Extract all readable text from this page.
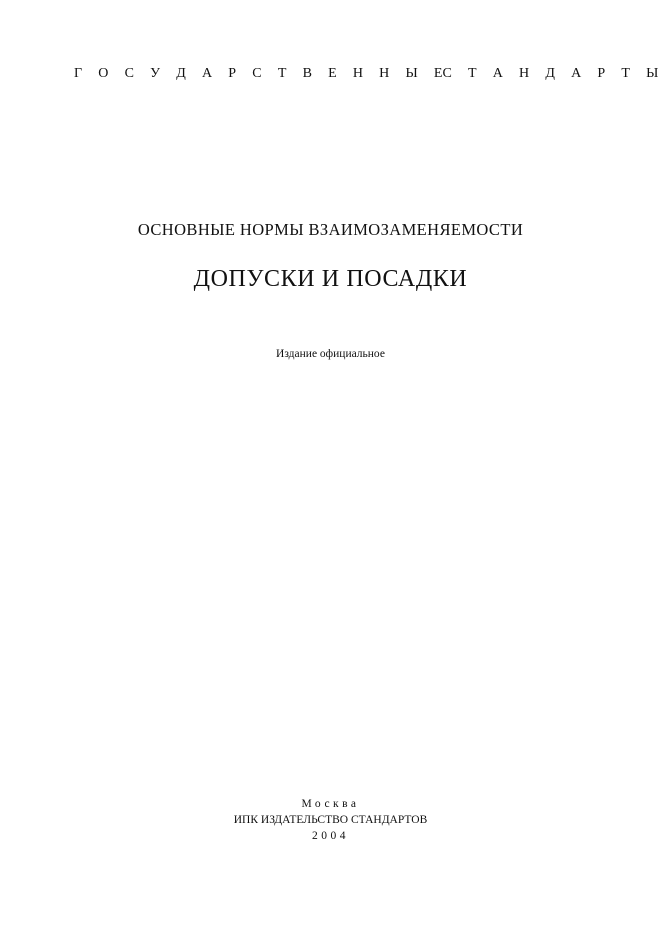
Г О С У Д А Р С Т В Е Н Н Ы Е С Т А Н Д А Р Т Ы
ОСНОВНЫЕ НОРМЫ ВЗАИМОЗАМЕНЯЕМОСТИ
ДОПУСКИ И ПОСАДКИ
Издание официальное
Москва
ИПК ИЗДАТЕЛЬСТВО СТАНДАРТОВ
2004
